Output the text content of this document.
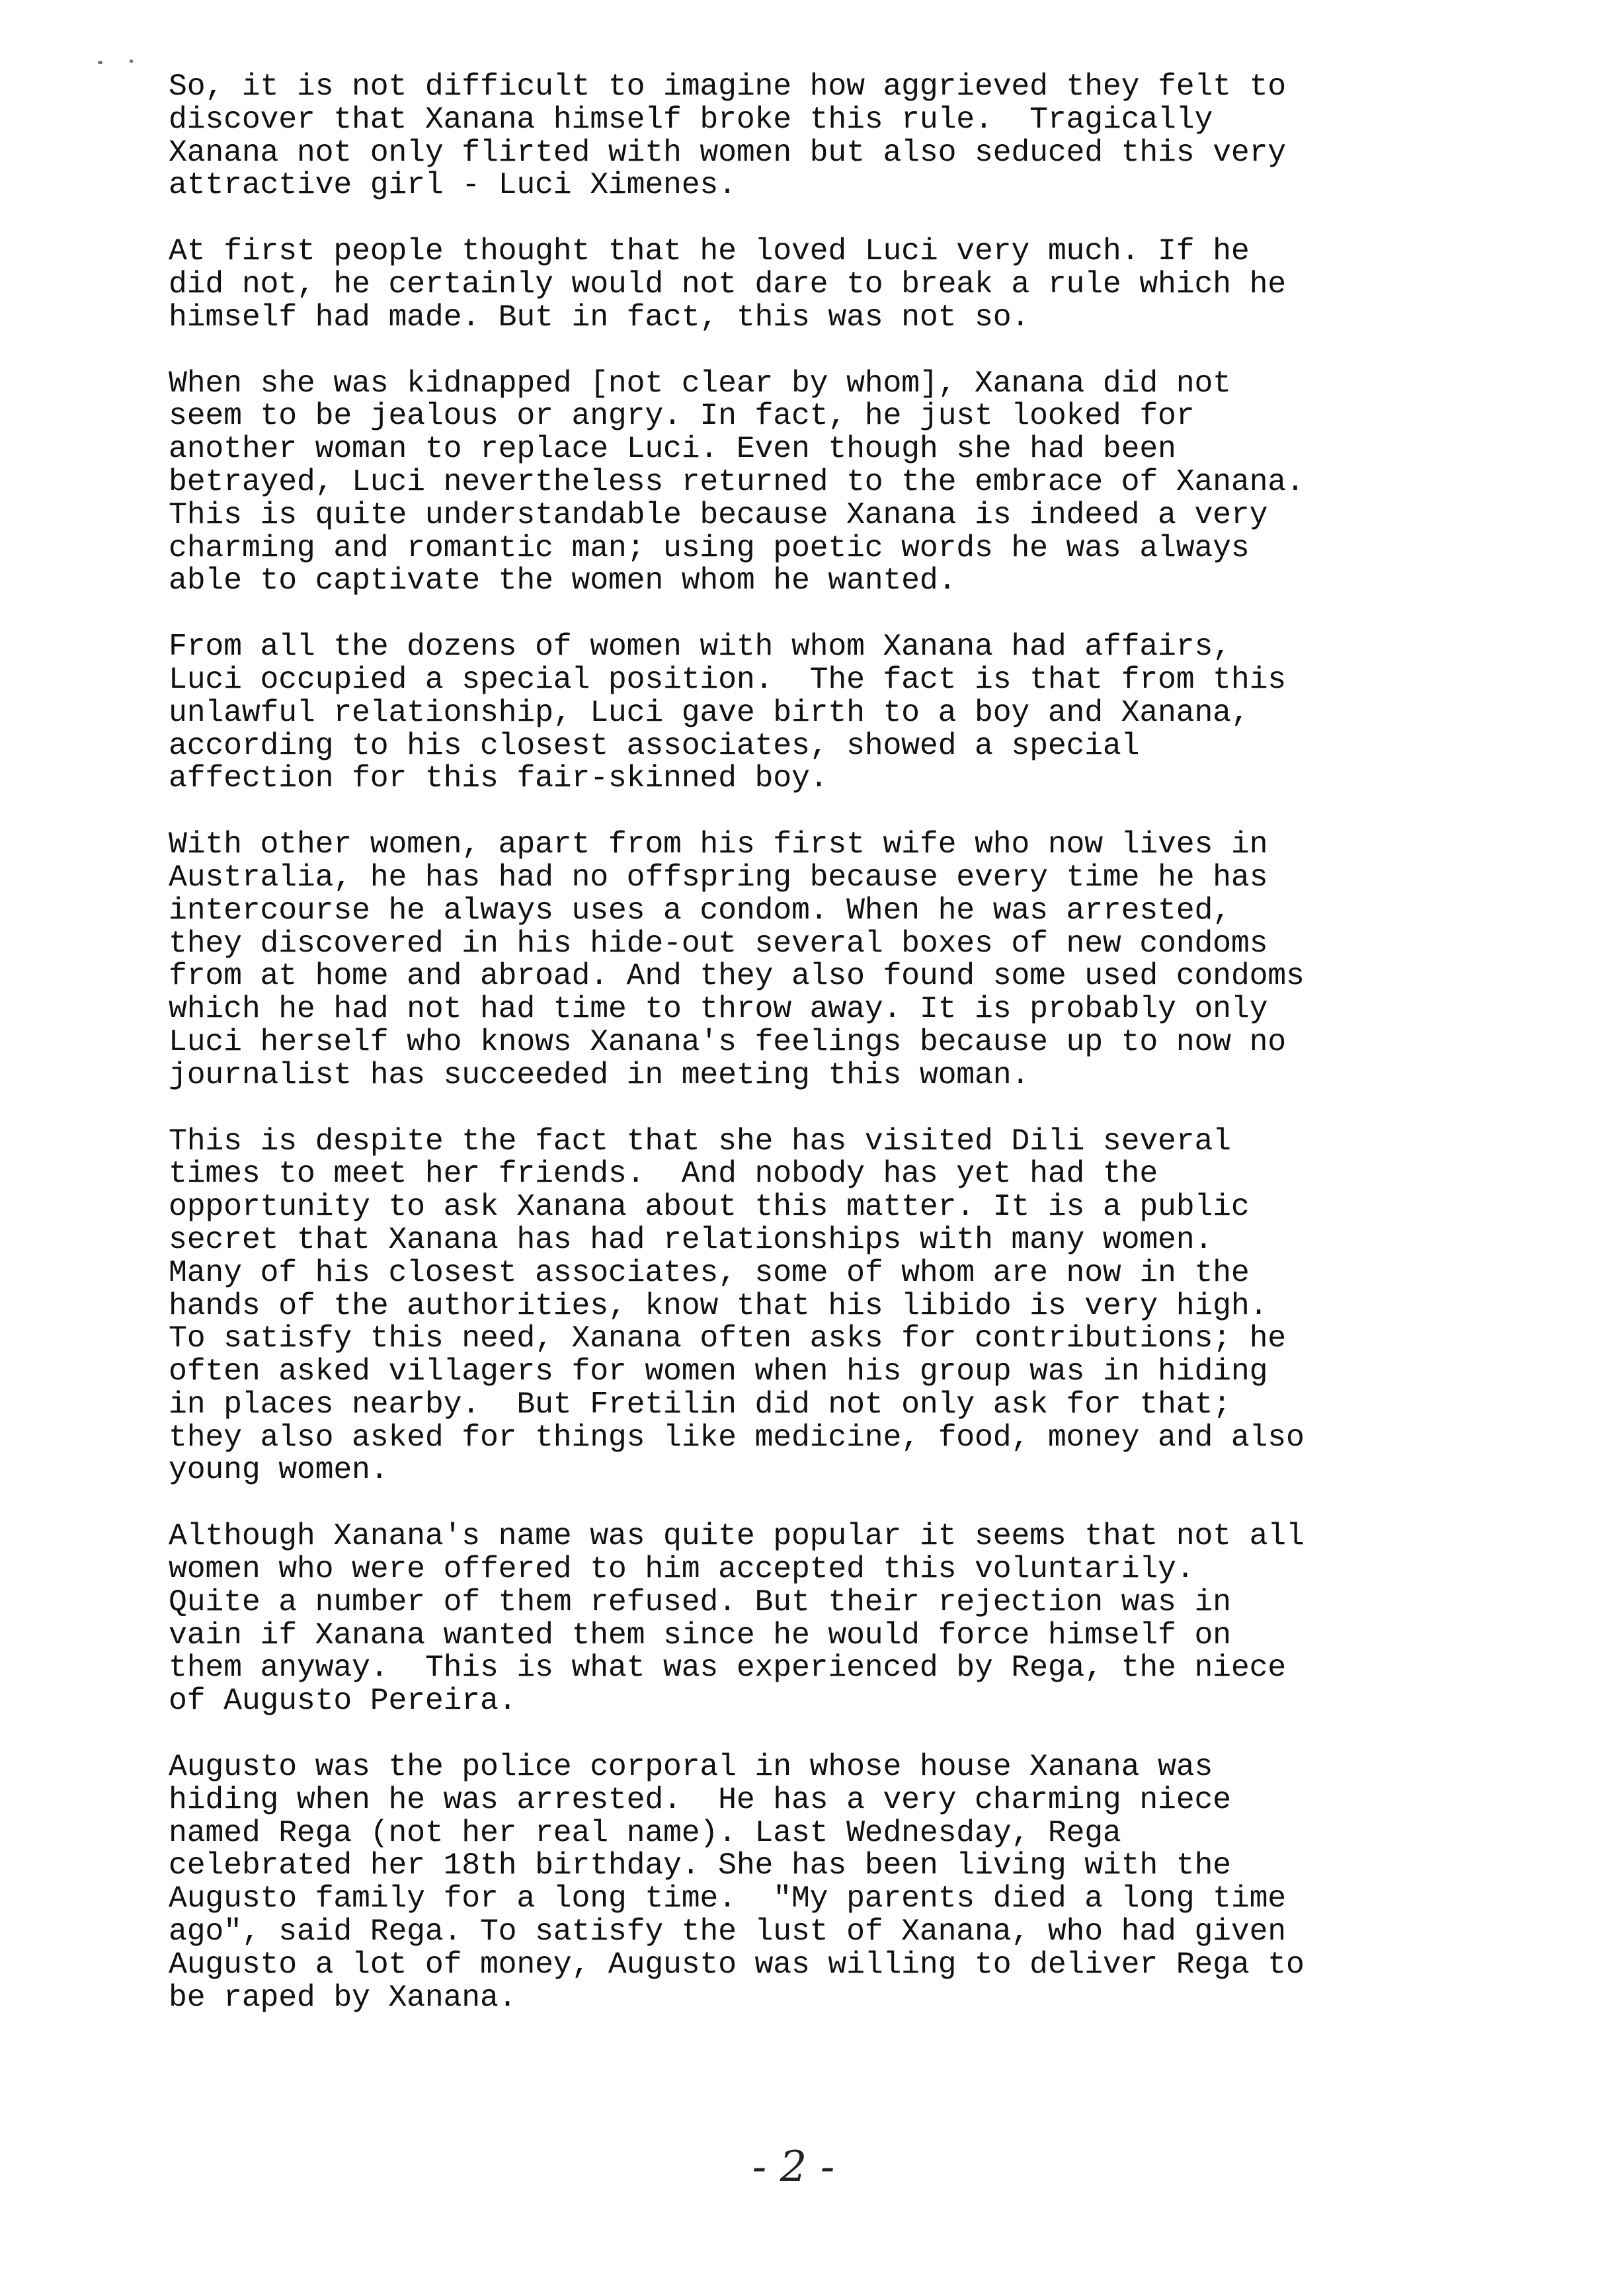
So, it is not difficult to imagine how aggrieved they felt to
discover that Xanana himself broke this rule.  Tragically
Xanana not only flirted with women but also seduced this very
attractive girl - Luci Ximenes.
At first people thought that he loved Luci very much. If he
did not, he certainly would not dare to break a rule which he
himself had made. But in fact, this was not so.
When she was kidnapped [not clear by whom], Xanana did not
seem to be jealous or angry. In fact, he just looked for
another woman to replace Luci. Even though she had been
betrayed, Luci nevertheless returned to the embrace of Xanana.
This is quite understandable because Xanana is indeed a very
charming and romantic man; using poetic words he was always
able to captivate the women whom he wanted.
From all the dozens of women with whom Xanana had affairs,
Luci occupied a special position.  The fact is that from this
unlawful relationship, Luci gave birth to a boy and Xanana,
according to his closest associates, showed a special
affection for this fair-skinned boy.
With other women, apart from his first wife who now lives in
Australia, he has had no offspring because every time he has
intercourse he always uses a condom. When he was arrested,
they discovered in his hide-out several boxes of new condoms
from at home and abroad. And they also found some used condoms
which he had not had time to throw away. It is probably only
Luci herself who knows Xanana's feelings because up to now no
journalist has succeeded in meeting this woman.
This is despite the fact that she has visited Dili several
times to meet her friends.  And nobody has yet had the
opportunity to ask Xanana about this matter. It is a public
secret that Xanana has had relationships with many women.
Many of his closest associates, some of whom are now in the
hands of the authorities, know that his libido is very high.
To satisfy this need, Xanana often asks for contributions; he
often asked villagers for women when his group was in hiding
in places nearby.  But Fretilin did not only ask for that;
they also asked for things like medicine, food, money and also
young women.
Although Xanana's name was quite popular it seems that not all
women who were offered to him accepted this voluntarily.
Quite a number of them refused. But their rejection was in
vain if Xanana wanted them since he would force himself on
them anyway.  This is what was experienced by Rega, the niece
of Augusto Pereira.
Augusto was the police corporal in whose house Xanana was
hiding when he was arrested.  He has a very charming niece
named Rega (not her real name). Last Wednesday, Rega
celebrated her 18th birthday. She has been living with the
Augusto family for a long time.  "My parents died a long time
ago", said Rega. To satisfy the lust of Xanana, who had given
Augusto a lot of money, Augusto was willing to deliver Rega to
be raped by Xanana.
- 2 -
